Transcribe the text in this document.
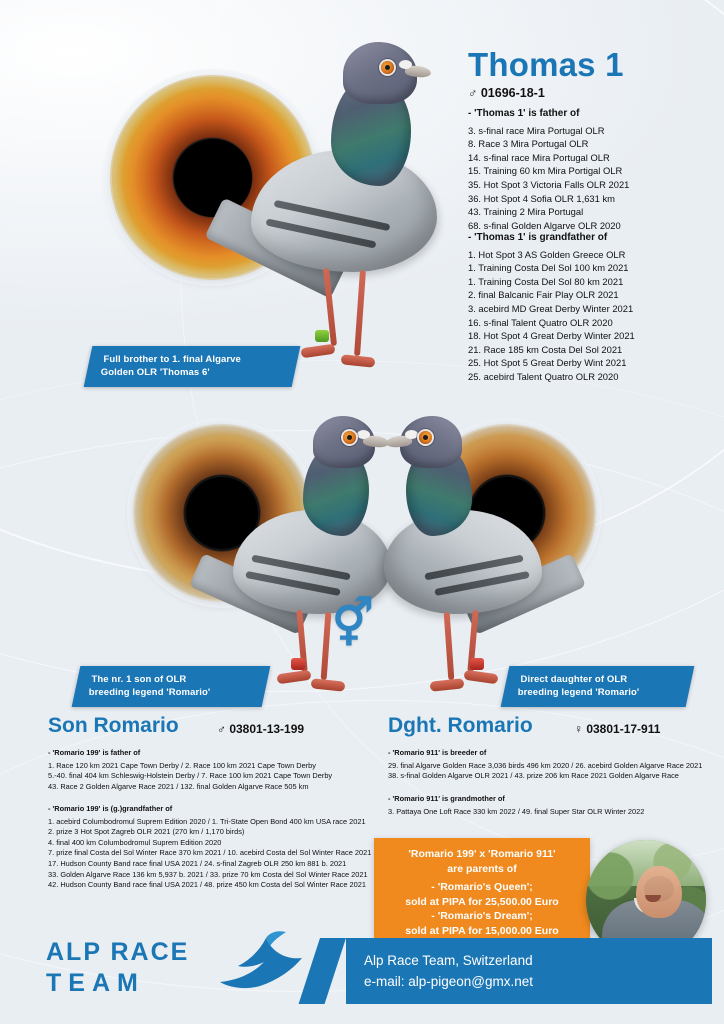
Thomas 1
♂ 01696-18-1
- 'Thomas 1' is father of
3. s-final race Mira Portugal OLR
8. Race 3 Mira Portugal OLR
14. s-final race Mira Portugal OLR
15. Training 60 km Mira Portigal OLR
35. Hot Spot 3 Victoria Falls OLR 2021
36. Hot Spot 4 Sofia OLR 1,631 km
43. Training 2 Mira Portugal
68. s-final Golden Algarve OLR 2020
- 'Thomas 1' is grandfather of
1. Hot Spot 3 AS Golden Greece OLR
1. Training Costa Del Sol 100 km 2021
1. Training Costa Del Sol 80 km 2021
2. final Balcanic Fair Play OLR 2021
3. acebird MD Great Derby Winter 2021
16. s-final Talent Quatro OLR 2020
18. Hot Spot 4 Great Derby Winter 2021
21. Race 185 km Costa Del Sol 2021
25. Hot Spot 5 Great Derby Wint 2021
25. acebird Talent Quatro OLR 2020
Full brother to 1. final Algarve
Golden OLR 'Thomas 6'
⚥
The nr. 1 son of OLR
breeding legend 'Romario'
Direct daughter of OLR
breeding legend 'Romario'
Son Romario	♂ 03801-13-199
- 'Romario 199' is father of
1. Race 120 km 2021 Cape Town Derby / 2. Race 100 km 2021 Cape Town Derby
5.-40. final 404 km Schleswig-Holstein Derby / 7. Race 100 km 2021 Cape Town Derby
43. Race 2 Golden Algarve Race 2021 / 132. final Golden Algarve Race 505 km
- 'Romario 199' is (g.)grandfather of
1. acebird Columbodromul Suprem Edition 2020 / 1. Tri-State Open Bond 400 km USA race 2021
2. prize 3 Hot Spot Zagreb OLR 2021 (270 km / 1,170 birds)
4. final 400 km Columbodromul Suprem Edition 2020
7. prize final Costa del Sol Winter Race 370 km 2021 / 10. acebird Costa del Sol Winter Race 2021
17. Hudson County Band race final USA 2021 / 24. s-final Zagreb OLR 250 km 881 b. 2021
33. Golden Algarve Race 136 km 5,937 b. 2021 / 33. prize 70 km Costa del Sol Winter Race 2021
42. Hudson County Band race final USA 2021 / 48. prize 450 km Costa del Sol Winter Race 2021
Dght. Romario	♀ 03801-17-911
- 'Romario 911' is breeder of
29. final Algarve Golden Race 3,036 birds 496 km 2020 / 26. acebird Golden Algarve Race 2021
38. s-final Golden Algarve OLR 2021 / 43. prize 206 km Race 2021 Golden Algarve Race
- 'Romario 911' is grandmother of
3. Pattaya One Loft Race 330 km 2022 / 49. final Super Star OLR Winter 2022
'Romario 199' x 'Romario 911'
are parents of
- 'Romario's Queen';
sold at PIPA for 25,500.00 Euro
- 'Romario's Dream';
sold at PIPA for 15,000.00 Euro
Alp Race Team, Switzerland
e-mail: alp-pigeon@gmx.net
ALP RACE
TEAM
